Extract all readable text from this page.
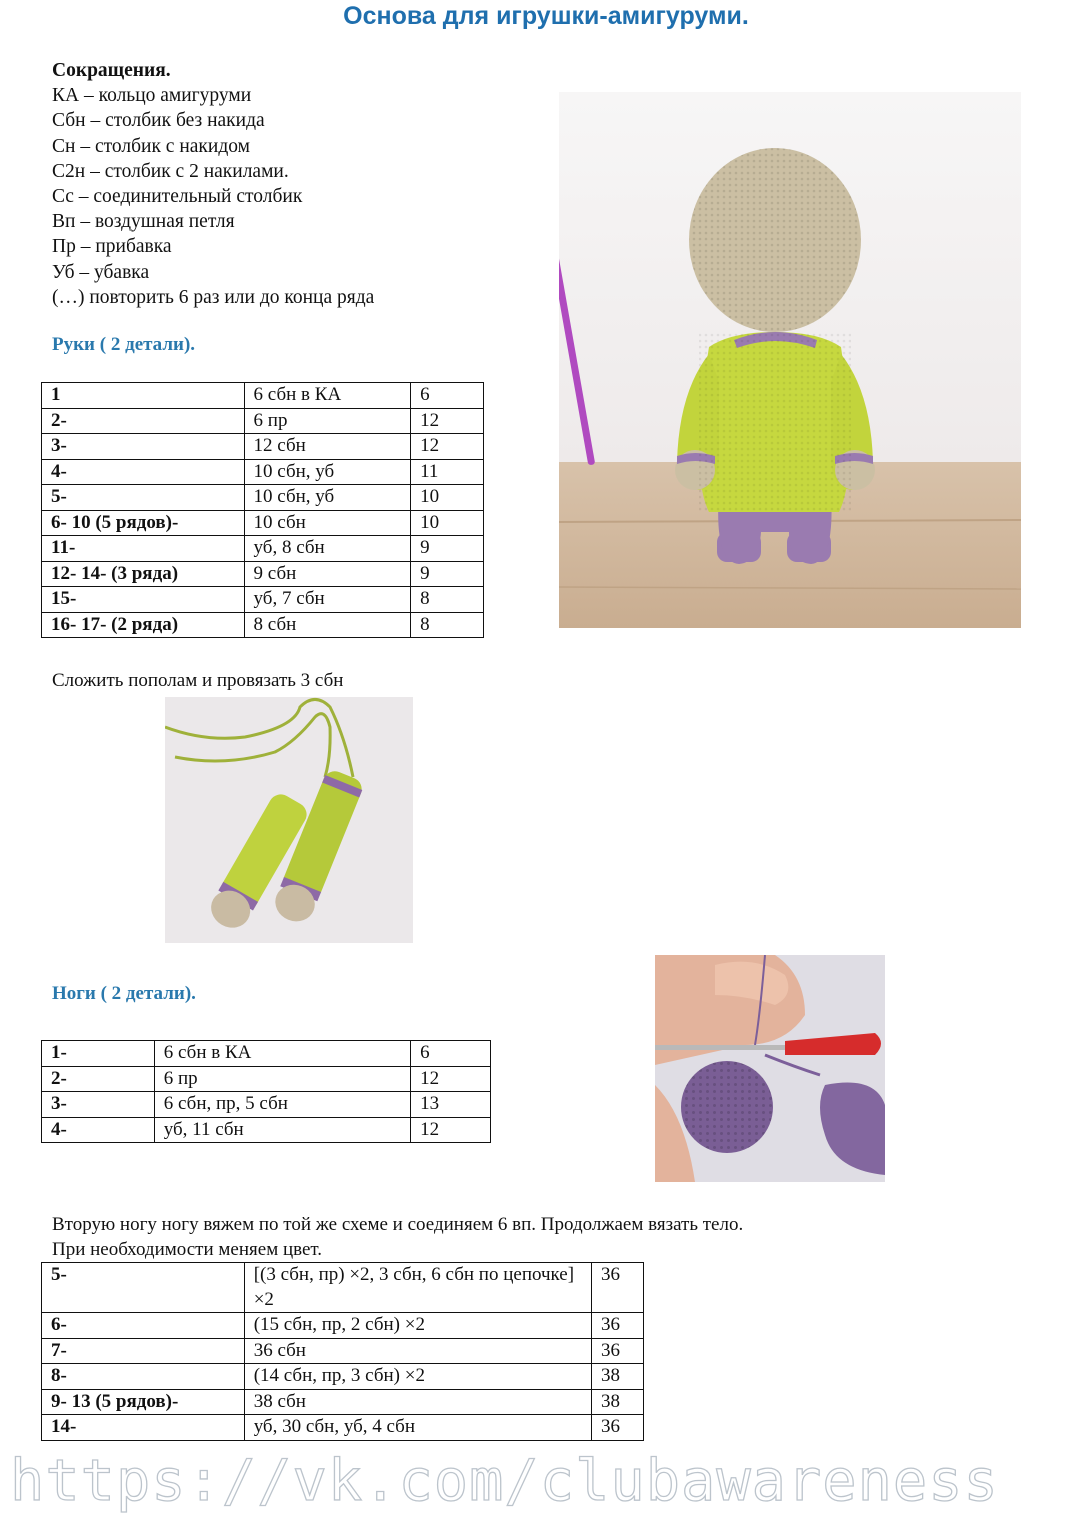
Основа для игрушки-амигуруми.
Сокращения.
КА – кольцо амигуруми
Сбн – столбик без накида
Сн – столбик с накидом
С2н – столбик с 2 накилами.
Сс – соединительный столбик
Вп – воздушная петля
Пр – прибавка
Уб – убавка
(…) повторить 6 раз или до конца ряда
Руки ( 2 детали).
1	6 сбн в КА	6
2-	6 пр	12
3-	12 сбн	12
4-	10 сбн, уб	11
5-	10 сбн, уб	10
6- 10 (5 рядов)-	10 сбн	10
11-	уб, 8 сбн	9
12- 14- (3 ряда)	9 сбн	9
15-	уб, 7 сбн	8
16- 17- (2 ряда)	8 сбн	8
Сложить пополам и провязать 3 сбн
Ноги ( 2 детали).
1-	6 сбн в КА	6
2-	6 пр	12
3-	6 сбн, пр, 5 сбн	13
4-	уб, 11 сбн	12
Вторую ногу ногу вяжем по той же схеме и соединяем 6 вп. Продолжаем вязать тело.
При необходимости меняем цвет.
5-	[(3 сбн, пр) ×2, 3 сбн, 6 сбн по цепочке] ×2	36
6-	(15 сбн, пр, 2 сбн) ×2	36
7-	36 сбн	36
8-	(14 сбн, пр, 3 сбн) ×2	38
9- 13 (5 рядов)-	38 сбн	38
14-	уб, 30 сбн, уб, 4 сбн	36
https://vk.com/clubawareness
